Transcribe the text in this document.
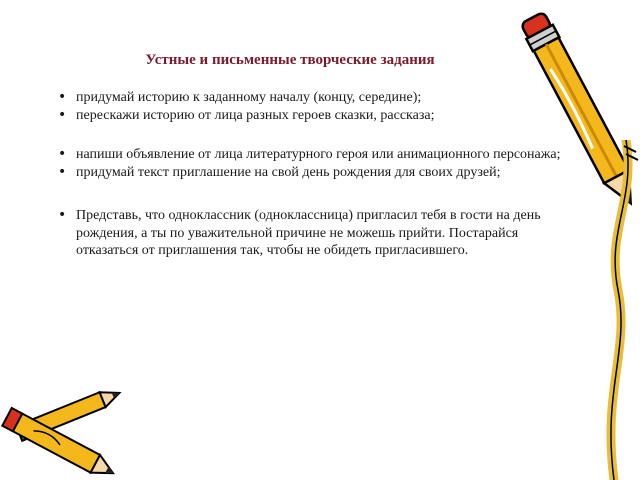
Устные и письменные творческие задания
• придумай историю к заданному началу (концу, середине);
• перескажи историю от лица разных героев сказки, рассказа;
• напиши объявление от лица литературного героя или анимационного персонажа;
• придумай текст приглашение на свой день рождения для своих друзей;
• Представь, что одноклассник (одноклассница) пригласил тебя в гости на день рождения, а ты по уважительной причине не можешь прийти. Постарайся отказаться от приглашения так, чтобы не обидеть пригласившего.
